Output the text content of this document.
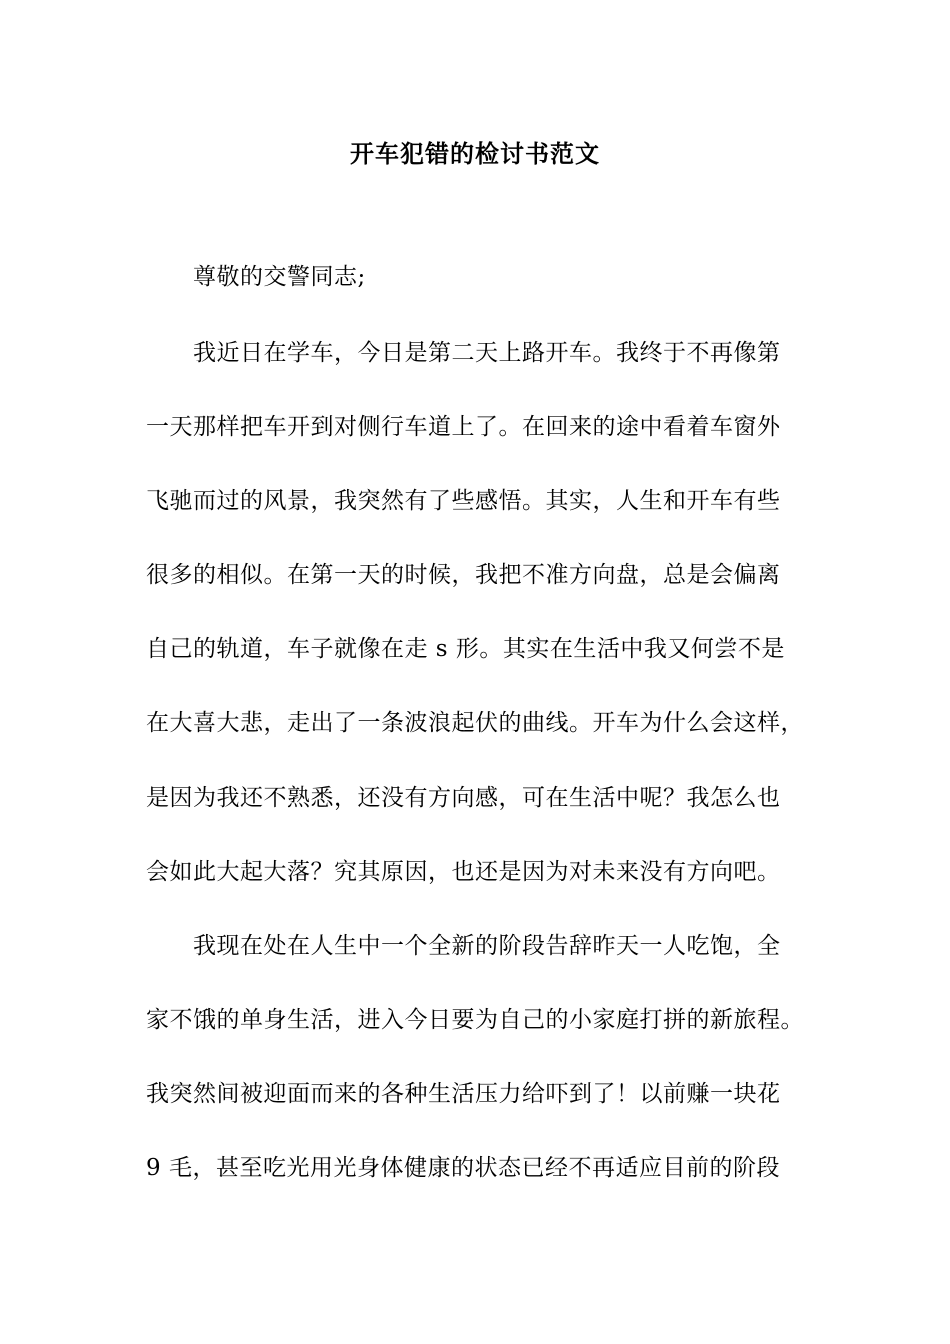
开车犯错的检讨书范文
尊敬的交警同志;
我近日在学车，今日是第二天上路开车。我终于不再像第
一天那样把车开到对侧行车道上了。在回来的途中看着车窗外
飞驰而过的风景，我突然有了些感悟。其实，人生和开车有些
很多的相似。在第一天的时候，我把不准方向盘，总是会偏离
自己的轨道，车子就像在走 s 形。其实在生活中我又何尝不是
在大喜大悲，走出了一条波浪起伏的曲线。开车为什么会这样，
是因为我还不熟悉，还没有方向感，可在生活中呢？我怎么也
会如此大起大落？究其原因，也还是因为对未来没有方向吧。
我现在处在人生中一个全新的阶段告辞昨天一人吃饱，全
家不饿的单身生活，进入今日要为自己的小家庭打拼的新旅程。
我突然间被迎面而来的各种生活压力给吓到了！以前赚一块花
9 毛，甚至吃光用光身体健康的状态已经不再适应目前的阶段
